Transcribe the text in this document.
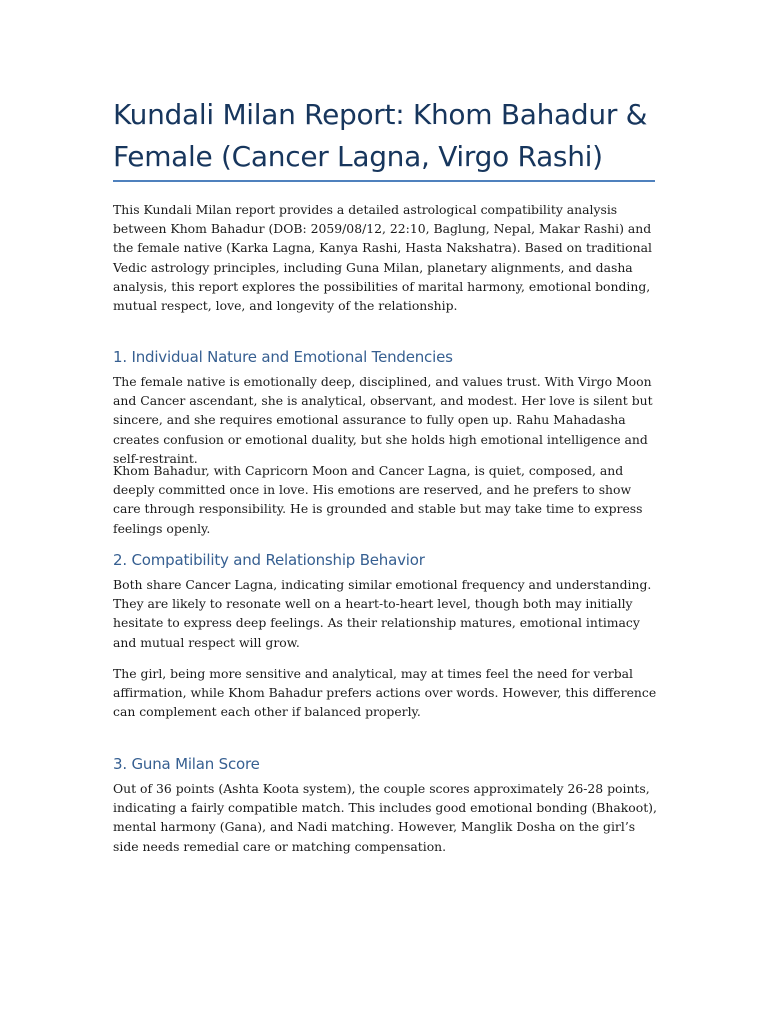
Kundali Milan Report: Khom Bahadur & Female (Cancer Lagna, Virgo Rashi)

This Kundali Milan report provides a detailed astrological compatibility analysis between Khom Bahadur (DOB: 2059/08/12, 22:10, Baglung, Nepal, Makar Rashi) and the female native (Karka Lagna, Kanya Rashi, Hasta Nakshatra). Based on traditional Vedic astrology principles, including Guna Milan, planetary alignments, and dasha analysis, this report explores the possibilities of marital harmony, emotional bonding, mutual respect, love, and longevity of the relationship.

1. Individual Nature and Emotional Tendencies

The female native is emotionally deep, disciplined, and values trust. With Virgo Moon and Cancer ascendant, she is analytical, observant, and modest. Her love is silent but sincere, and she requires emotional assurance to fully open up. Rahu Mahadasha creates confusion or emotional duality, but she holds high emotional intelligence and self-restraint.

Khom Bahadur, with Capricorn Moon and Cancer Lagna, is quiet, composed, and deeply committed once in love. His emotions are reserved, and he prefers to show care through responsibility. He is grounded and stable but may take time to express feelings openly.

2. Compatibility and Relationship Behavior

Both share Cancer Lagna, indicating similar emotional frequency and understanding. They are likely to resonate well on a heart-to-heart level, though both may initially hesitate to express deep feelings. As their relationship matures, emotional intimacy and mutual respect will grow.

The girl, being more sensitive and analytical, may at times feel the need for verbal affirmation, while Khom Bahadur prefers actions over words. However, this difference can complement each other if balanced properly.

3. Guna Milan Score

Out of 36 points (Ashta Koota system), the couple scores approximately 26-28 points, indicating a fairly compatible match. This includes good emotional bonding (Bhakoot), mental harmony (Gana), and Nadi matching. However, Manglik Dosha on the girl’s side needs remedial care or matching compensation.
